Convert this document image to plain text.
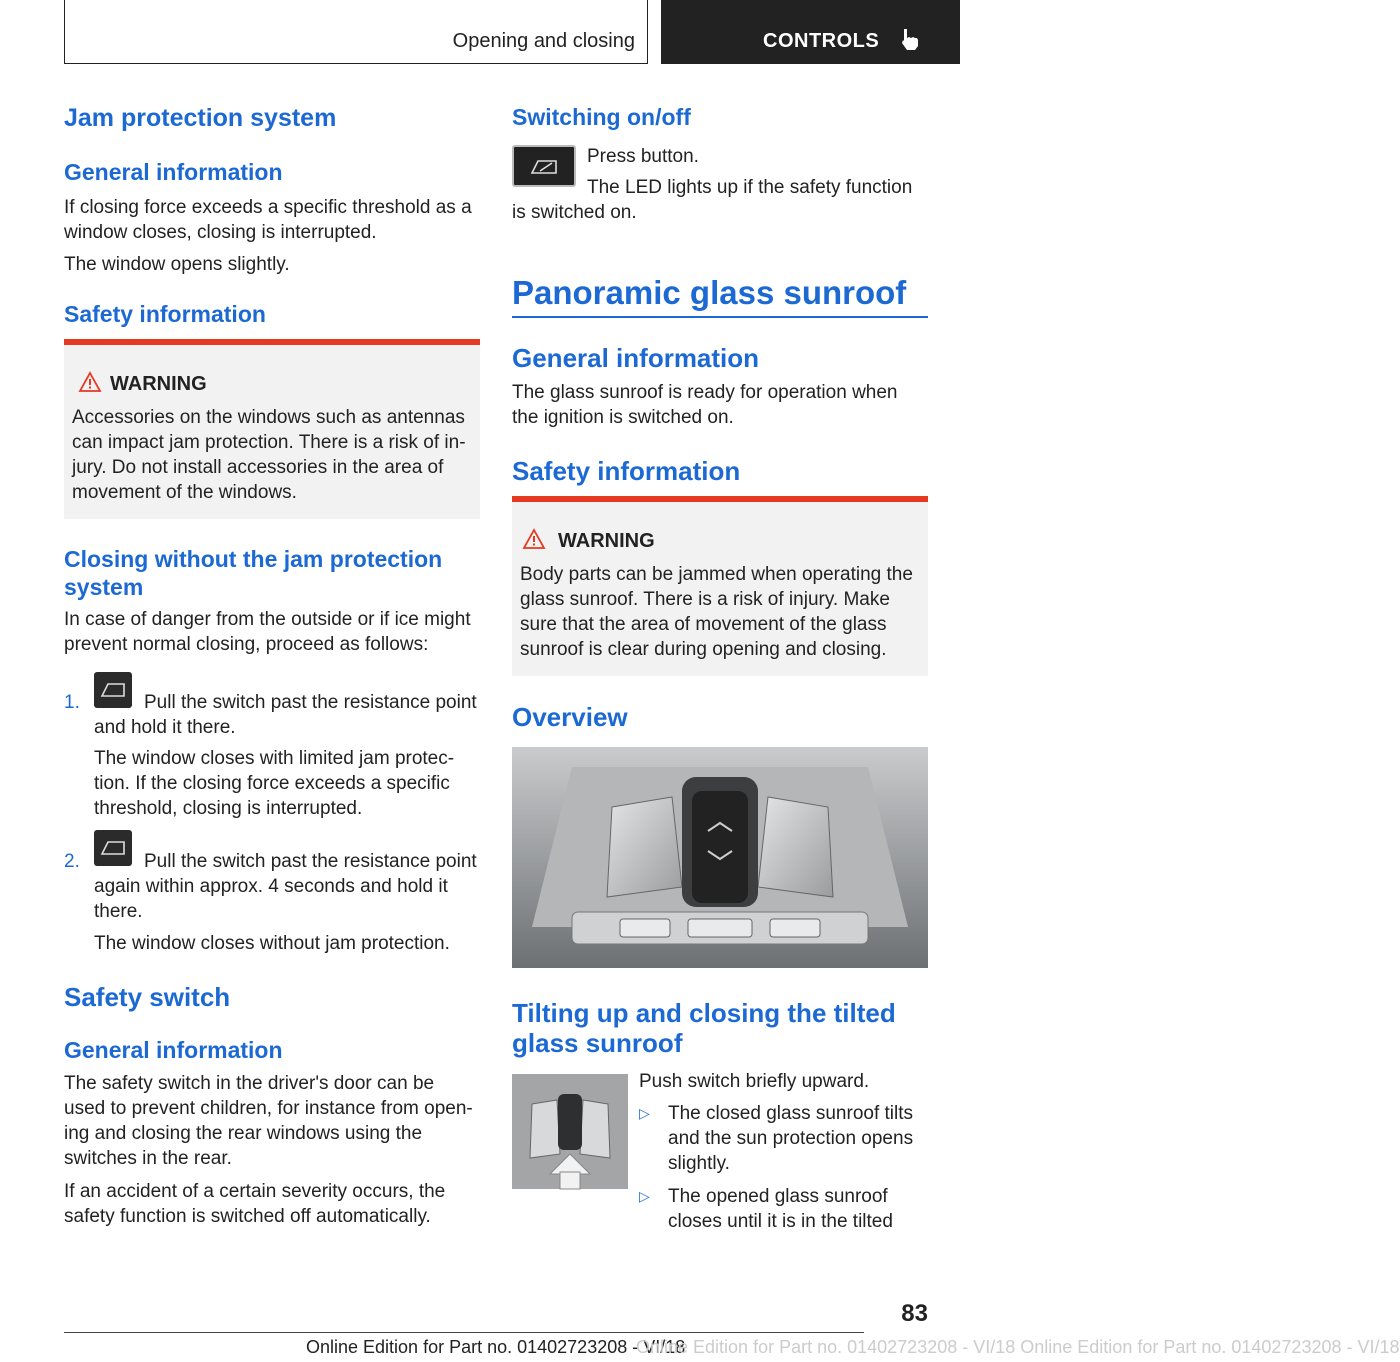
Opening and closing	CONTROLS
Jam protection system
General information
If closing force exceeds a specific threshold as a
window closes, closing is interrupted.
The window opens slightly.
Safety information
WARNING
Accessories on the windows such as antennas
can impact jam protection. There is a risk of in‐
jury. Do not install accessories in the area of
movement of the windows.
Closing without the jam protection
system
In case of danger from the outside or if ice might
prevent normal closing, proceed as follows:
1.	Pull the switch past the resistance point
and hold it there.
The window closes with limited jam protec‐
tion. If the closing force exceeds a specific
threshold, closing is interrupted.
2.	Pull the switch past the resistance point
again within approx. 4 seconds and hold it
there.
The window closes without jam protection.
Safety switch
General information
The safety switch in the driver's door can be
used to prevent children, for instance from open‐
ing and closing the rear windows using the
switches in the rear.
If an accident of a certain severity occurs, the
safety function is switched off automatically.
Switching on/off
Press button.
The LED lights up if the safety function
is switched on.
Panoramic glass sunroof
General information
The glass sunroof is ready for operation when
the ignition is switched on.
Safety information
WARNING
Body parts can be jammed when operating the
glass sunroof. There is a risk of injury. Make
sure that the area of movement of the glass
sunroof is clear during opening and closing.
Overview
Tilting up and closing the tilted
glass sunroof
Push switch briefly upward.
▷ The closed glass sunroof tilts
and the sun protection opens
slightly.
▷ The opened glass sunroof
closes until it is in the tilted
83
Online Edition for Part no. 01402723208 - VI/18
Online Edition for Part no. 01402723208 - VI/18 Online Edition for Part no. 01402723208 - VI/18
